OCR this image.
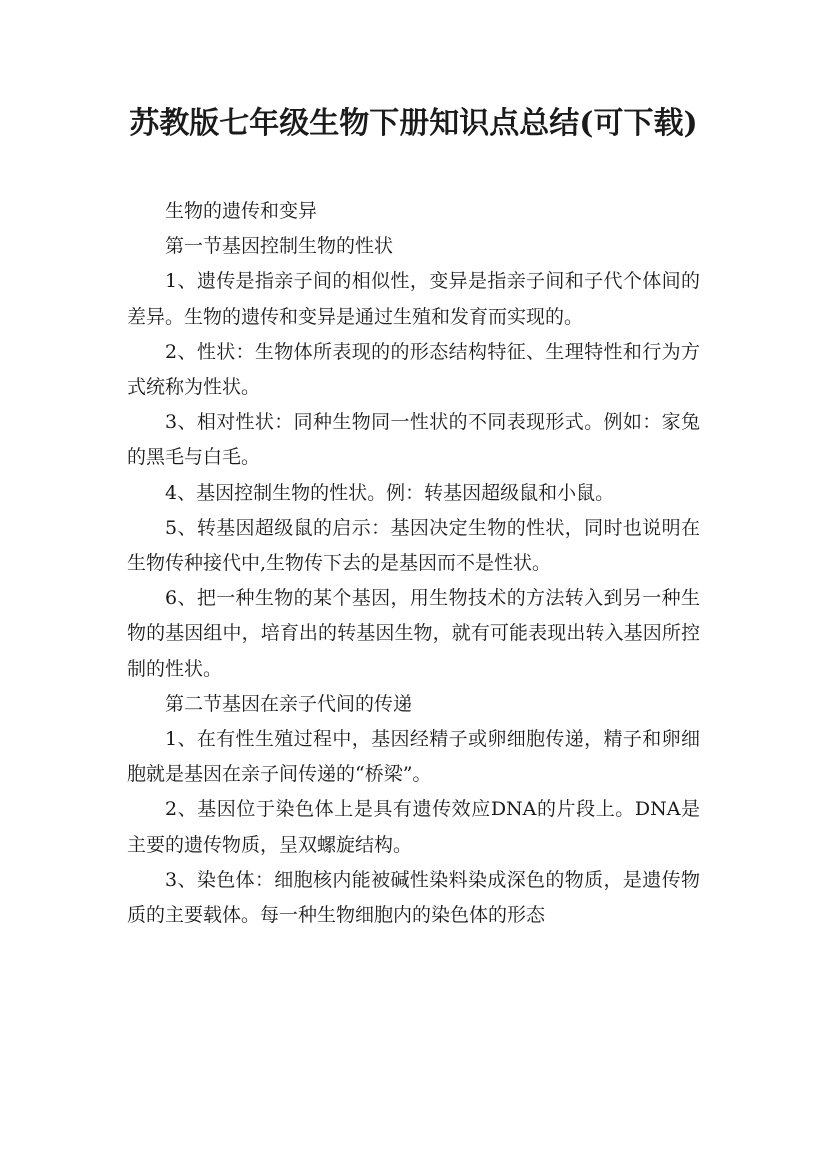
苏教版七年级生物下册知识点总结(可下载)

生物的遗传和变异

第一节基因控制生物的性状

1、遗传是指亲子间的相似性，变异是指亲子间和子代个体间的差异。生物的遗传和变异是通过生殖和发育而实现的。

2、性状：生物体所表现的的形态结构特征、生理特性和行为方式统称为性状。

3、相对性状：同种生物同一性状的不同表现形式。例如：家兔的黑毛与白毛。

4、基因控制生物的性状。例：转基因超级鼠和小鼠。

5、转基因超级鼠的启示：基因决定生物的性状，同时也说明在生物传种接代中,生物传下去的是基因而不是性状。

6、把一种生物的某个基因，用生物技术的方法转入到另一种生物的基因组中，培育出的转基因生物，就有可能表现出转入基因所控制的性状。

第二节基因在亲子代间的传递

1、在有性生殖过程中，基因经精子或卵细胞传递，精子和卵细胞就是基因在亲子间传递的“桥梁”。

2、基因位于染色体上是具有遗传效应DNA的片段上。DNA是主要的遗传物质，呈双螺旋结构。

3、染色体：细胞核内能被碱性染料染成深色的物质，是遗传物质的主要载体。每一种生物细胞内的染色体的形态
